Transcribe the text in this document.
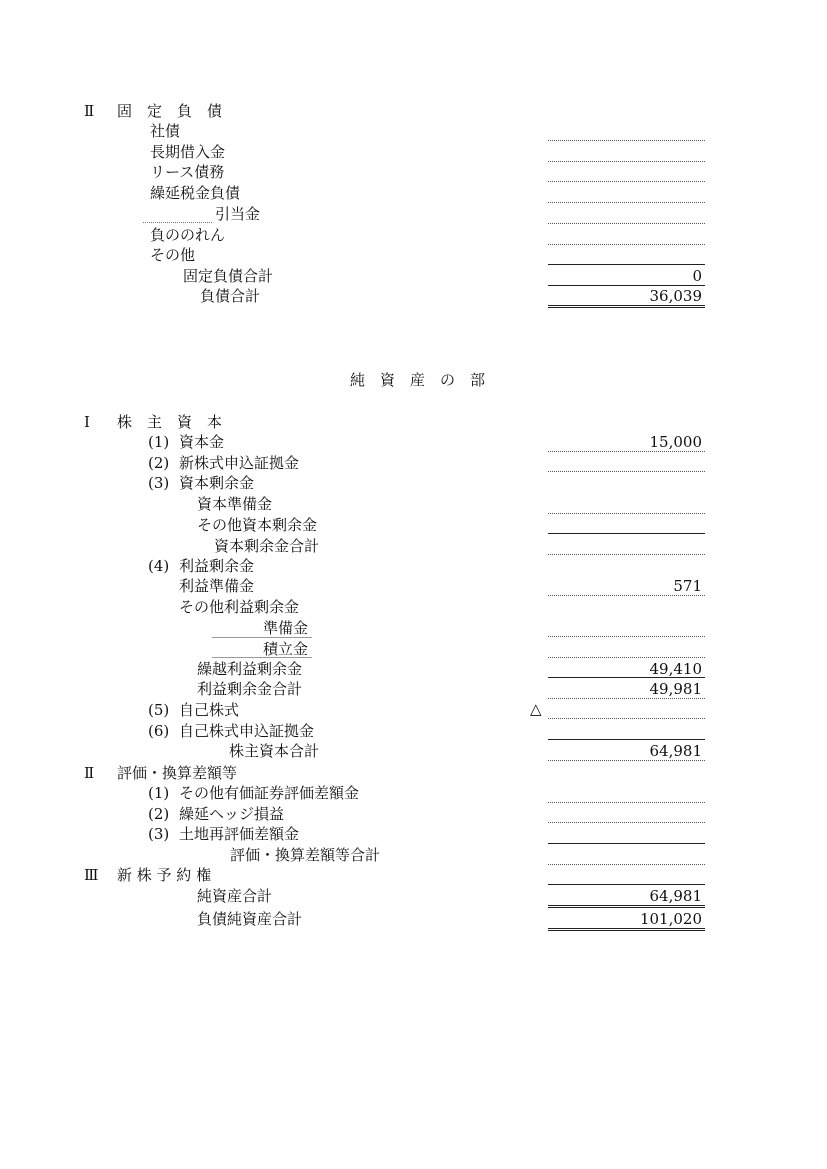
Ⅱ 固　定　負　債
社債
長期借入金
リース債務
繰延税金負債
引当金
負ののれん
その他
固定負債合計	0
負債合計	36,039
純　資　産　の　部
Ⅰ 株　主　資　本
(1) 資本金	15,000
(2) 新株式申込証拠金
(3) 資本剰余金
資本準備金
その他資本剰余金
資本剰余金合計
(4) 利益剰余金
利益準備金	571
その他利益剰余金
準備金
積立金
繰越利益剰余金	49,410
利益剰余金合計	49,981
(5) 自己株式	△
(6) 自己株式申込証拠金
株主資本合計	64,981
Ⅱ 評価・換算差額等
(1) その他有価証券評価差額金
(2) 繰延ヘッジ損益
(3) 土地再評価差額金
評価・換算差額等合計
Ⅲ 新 株 予 約 権
純資産合計	64,981
負債純資産合計	101,020
